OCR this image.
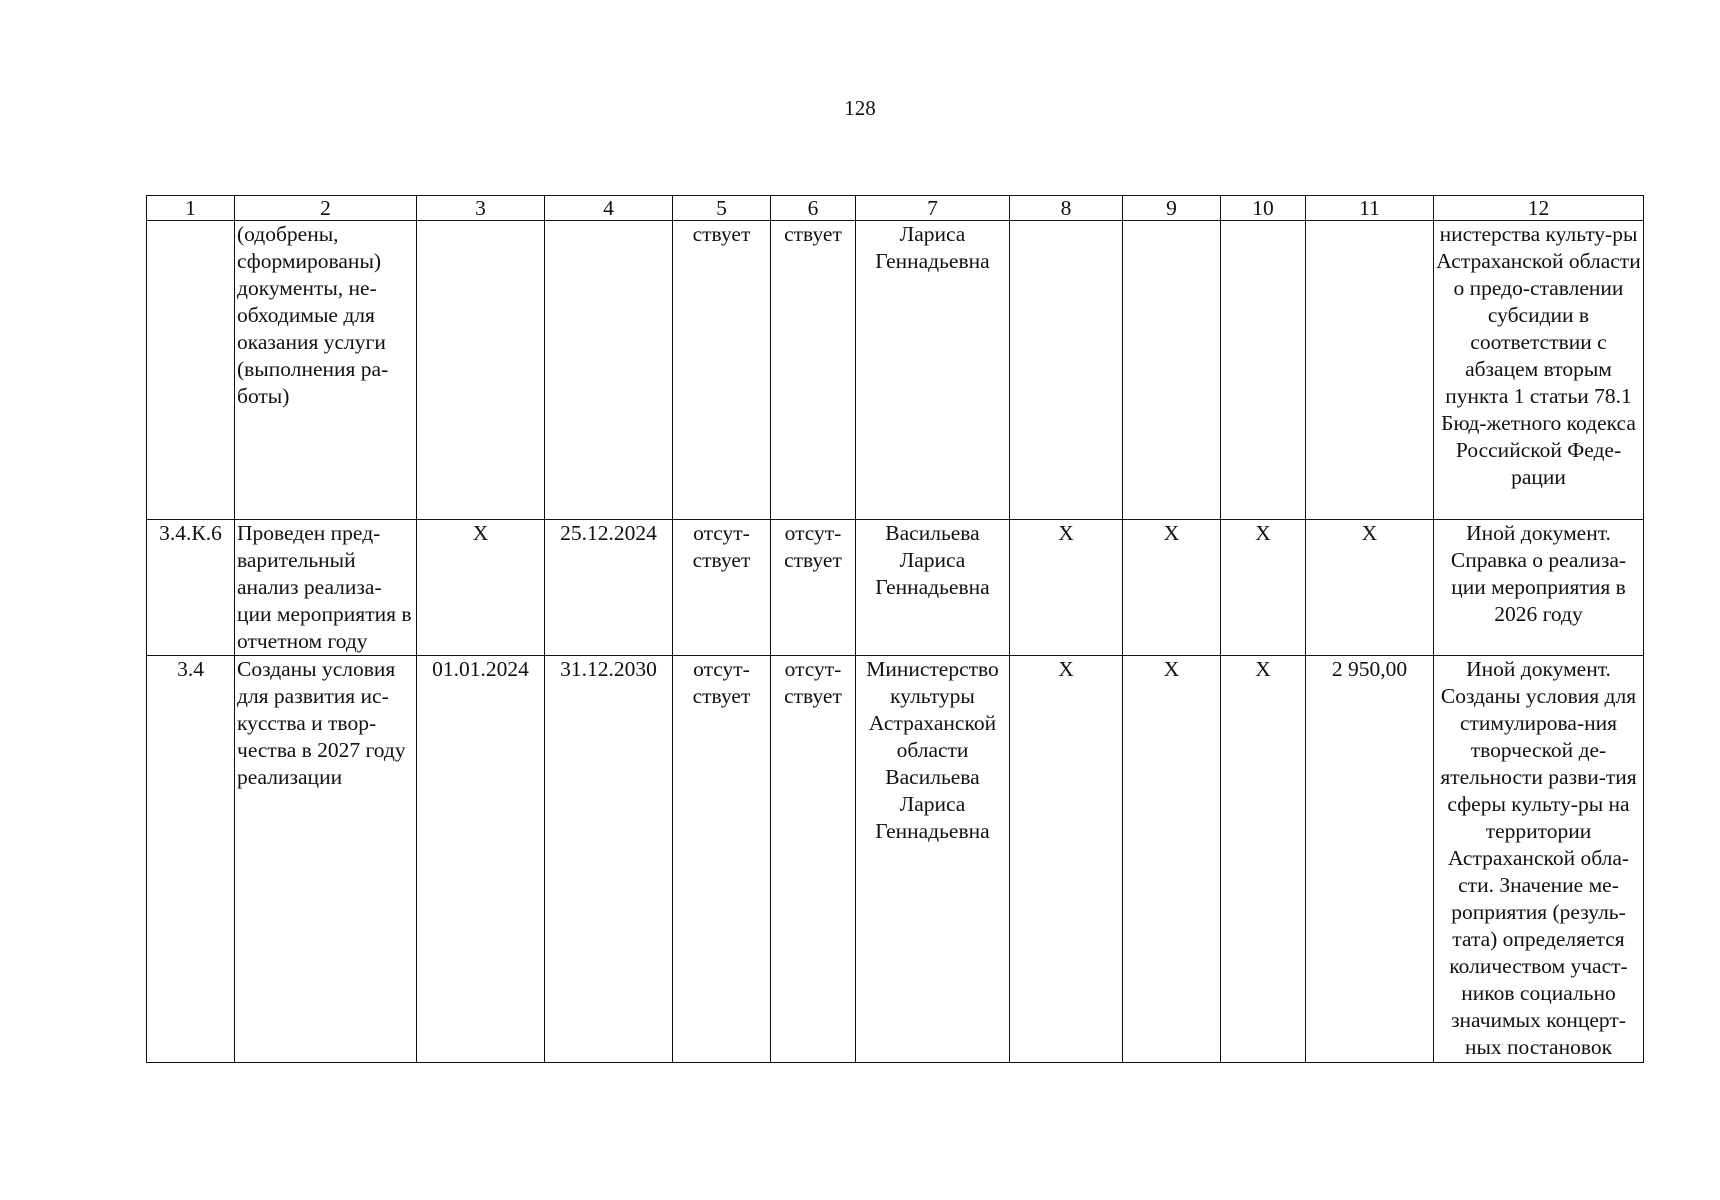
128
1	2	3	4	5	6	7	8	9	10	11	12
	(одобрены, сформированы) документы, не-обходимые для оказания услуги (выполнения ра-боты)			ствует	ствует	Лариса Геннадьевна					нистерства культу-ры Астраханской области о предо-ставлении субсидии в соответствии с абзацем вторым пункта 1 статьи 78.1 Бюд-жетного кодекса Российской Феде-рации
3.4.К.6	Проведен пред-варительный анализ реализа-ции мероприятия в отчетном году	X	25.12.2024	отсут-ствует	отсут-ствует	Васильева Лариса Геннадьевна	X	X	X	X	Иной документ. Справка о реализа-ции мероприятия в 2026 году
3.4	Созданы условия для развития ис-кусства и твор-чества в 2027 году реализации	01.01.2024	31.12.2030	отсут-ствует	отсут-ствует	Министерство культуры Астраханской области Васильева Лариса Геннадьевна	X	X	X	2 950,00	Иной документ. Созданы условия для стимулирова-ния творческой де-ятельности разви-тия сферы культу-ры на территории Астраханской обла-сти. Значение ме-роприятия (резуль-тата) определяется количеством участ-ников социально значимых концерт-ных постановок
